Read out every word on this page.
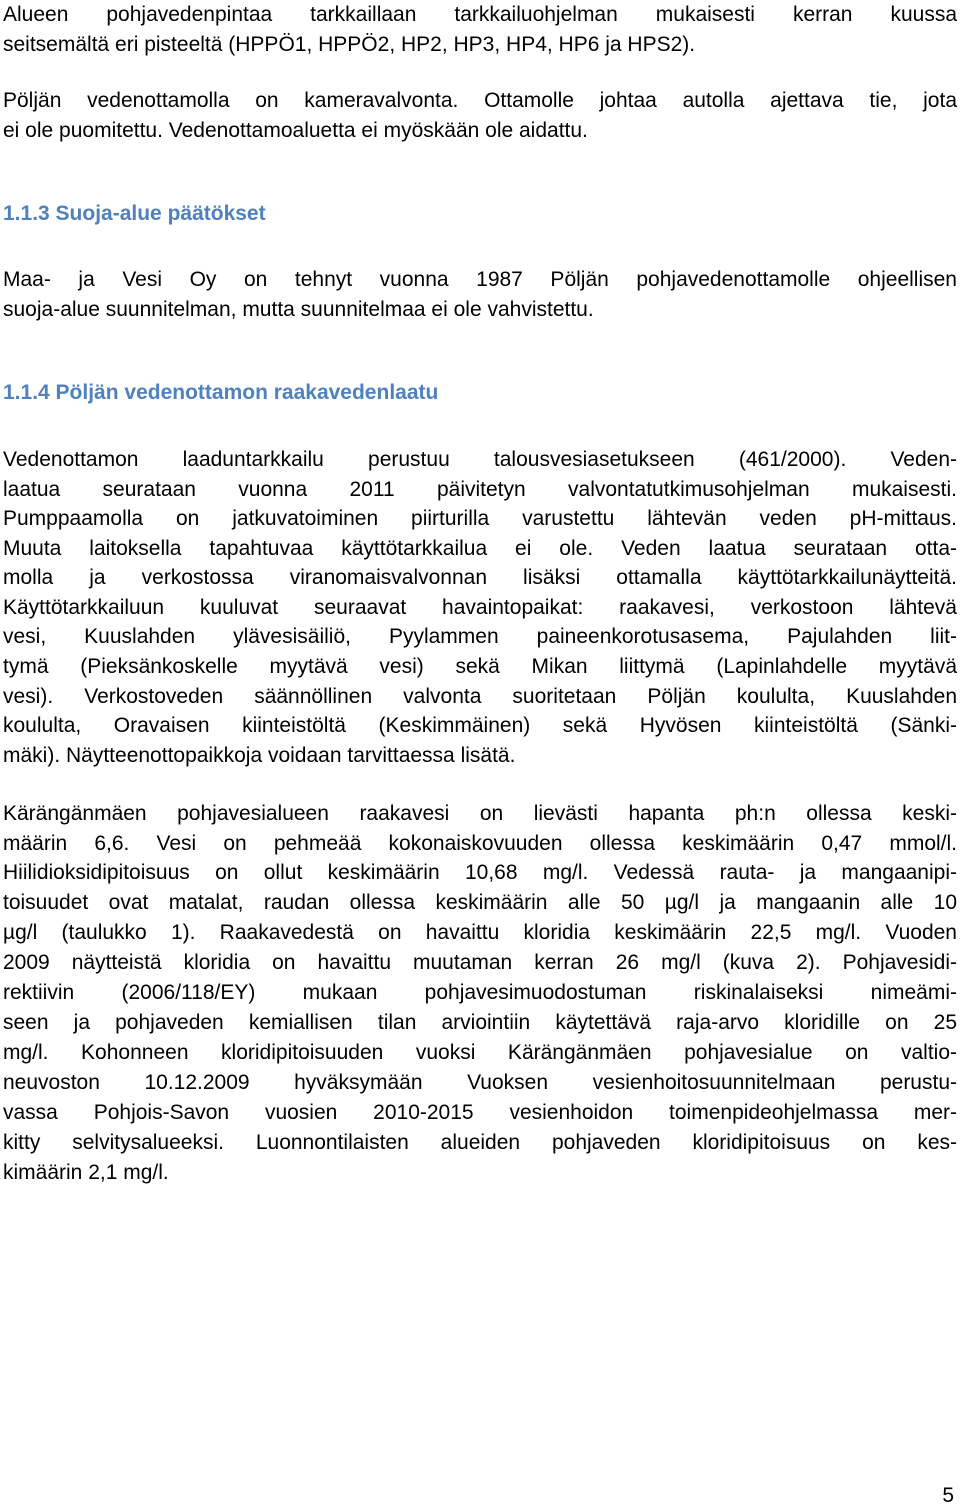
Alueen pohjavedenpintaa tarkkaillaan tarkkailuohjelman mukaisesti kerran kuussa
seitsemältä eri pisteeltä (HPPÖ1, HPPÖ2, HP2, HP3, HP4, HP6 ja HPS2).
Pöljän vedenottamolla on kameravalvonta. Ottamolle johtaa autolla ajettava tie, jota
ei ole puomitettu. Vedenottamoaluetta ei myöskään ole aidattu.
1.1.3 Suoja-alue päätökset
Maa- ja Vesi Oy on tehnyt vuonna 1987 Pöljän pohjavedenottamolle ohjeellisen
suoja-alue suunnitelman, mutta suunnitelmaa ei ole vahvistettu.
1.1.4 Pöljän vedenottamon raakavedenlaatu
Vedenottamon laaduntarkkailu perustuu talousvesiasetukseen (461/2000). Veden-
laatua seurataan vuonna 2011 päivitetyn valvontatutkimusohjelman mukaisesti.
Pumppaamolla on jatkuvatoiminen piirturilla varustettu lähtevän veden pH-mittaus.
Muuta laitoksella tapahtuvaa käyttötarkkailua ei ole. Veden laatua seurataan otta-
molla ja verkostossa viranomaisvalvonnan lisäksi ottamalla käyttötarkkailunäytteitä.
Käyttötarkkailuun kuuluvat seuraavat havaintopaikat: raakavesi, verkostoon lähtevä
vesi, Kuuslahden ylävesisäiliö, Pyylammen paineenkorotusasema, Pajulahden liit-
tymä (Pieksänkoskelle myytävä vesi) sekä Mikan liittymä (Lapinlahdelle myytävä
vesi). Verkostoveden säännöllinen valvonta suoritetaan Pöljän koululta, Kuuslahden
koululta, Oravaisen kiinteistöltä (Keskimmäinen) sekä Hyvösen kiinteistöltä (Sänki-
mäki). Näytteenottopaikkoja voidaan tarvittaessa lisätä.
Kärängänmäen pohjavesialueen raakavesi on lievästi hapanta ph:n ollessa keski-
määrin 6,6. Vesi on pehmeää kokonaiskovuuden ollessa keskimäärin 0,47 mmol/l.
Hiilidioksidipitoisuus on ollut keskimäärin 10,68 mg/l. Vedessä rauta- ja mangaanipi-
toisuudet ovat matalat, raudan ollessa keskimäärin alle 50 µg/l ja mangaanin alle 10
µg/l (taulukko 1). Raakavedestä on havaittu kloridia keskimäärin 22,5 mg/l. Vuoden
2009 näytteistä kloridia on havaittu muutaman kerran 26 mg/l (kuva 2). Pohjavesidi-
rektiivin (2006/118/EY) mukaan pohjavesimuodostuman riskinalaiseksi nimeämi-
seen ja pohjaveden kemiallisen tilan arviointiin käytettävä raja-arvo kloridille on 25
mg/l. Kohonneen kloridipitoisuuden vuoksi Kärängänmäen pohjavesialue on valtio-
neuvoston 10.12.2009 hyväksymään Vuoksen vesienhoitosuunnitelmaan perustu-
vassa Pohjois-Savon vuosien 2010-2015 vesienhoidon toimenpideohjelmassa mer-
kitty selvitysalueeksi. Luonnontilaisten alueiden pohjaveden kloridipitoisuus on kes-
kimäärin 2,1 mg/l.
5
